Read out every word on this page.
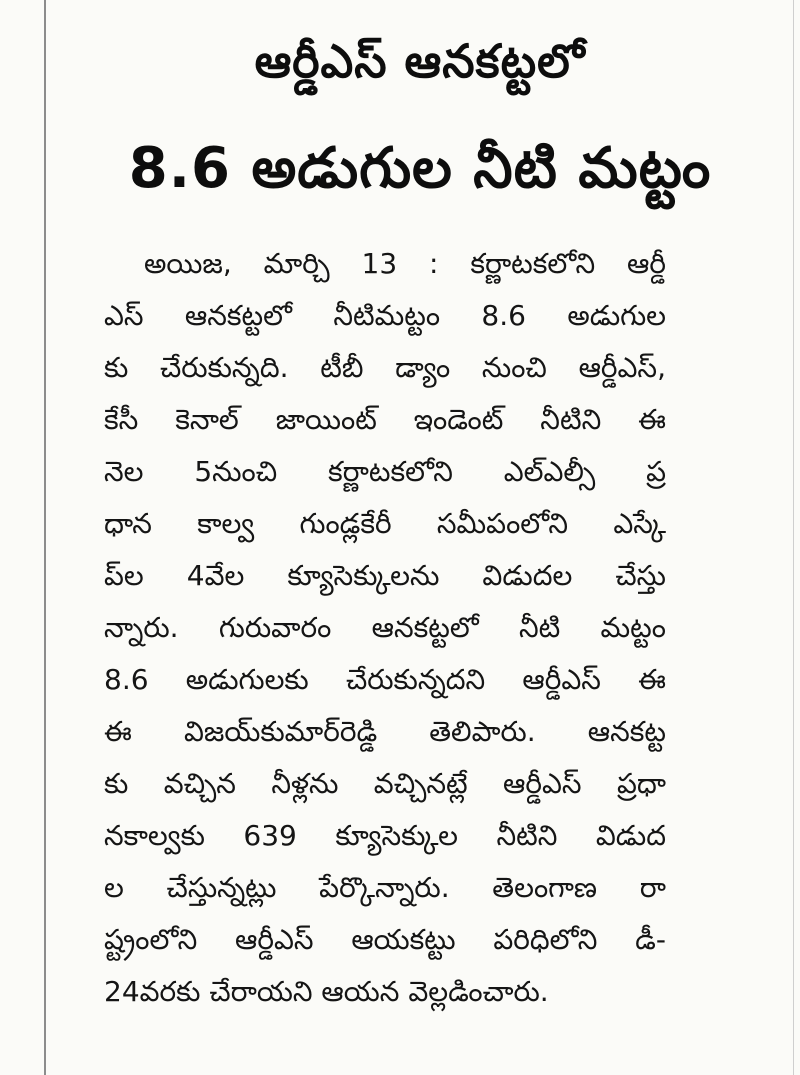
ఆర్డీఎస్ ఆనకట్టలో
8.6 అడుగుల నీటి మట్టం
అయిజ, మార్చి 13 : కర్ణాటకలోని ఆర్డీ
ఎస్ ఆనకట్టలో నీటిమట్టం 8.6 అడుగుల
కు చేరుకున్నది. టీబీ డ్యాం నుంచి ఆర్డీఎస్,
కేసీ కెనాల్ జాయింట్ ఇండెంట్ నీటిని ఈ
నెల 5నుంచి కర్ణాటకలోని ఎల్ఎల్సీ ప్ర
ధాన కాల్వ గుండ్లకేరీ సమీపంలోని ఎస్కే
ప్‌ల 4వేల క్యూసెక్కులను విడుదల చేస్తు
న్నారు. గురువారం ఆనకట్టలో నీటి మట్టం
8.6 అడుగులకు చేరుకున్నదని ఆర్డీఎస్ ఈ
ఈ విజయ్‌కుమార్‌రెడ్డి తెలిపారు. ఆనకట్ట
కు వచ్చిన నీళ్లను వచ్చినట్లే ఆర్డీఎస్ ప్రధా
నకాల్వకు 639 క్యూసెక్కుల నీటిని విడుద
ల చేస్తున్నట్లు పేర్కొన్నారు. తెలంగాణ రా
ష్ట్రంలోని ఆర్డీఎస్ ఆయకట్టు పరిధిలోని డీ-
24వరకు చేరాయని ఆయన వెల్లడించారు.
